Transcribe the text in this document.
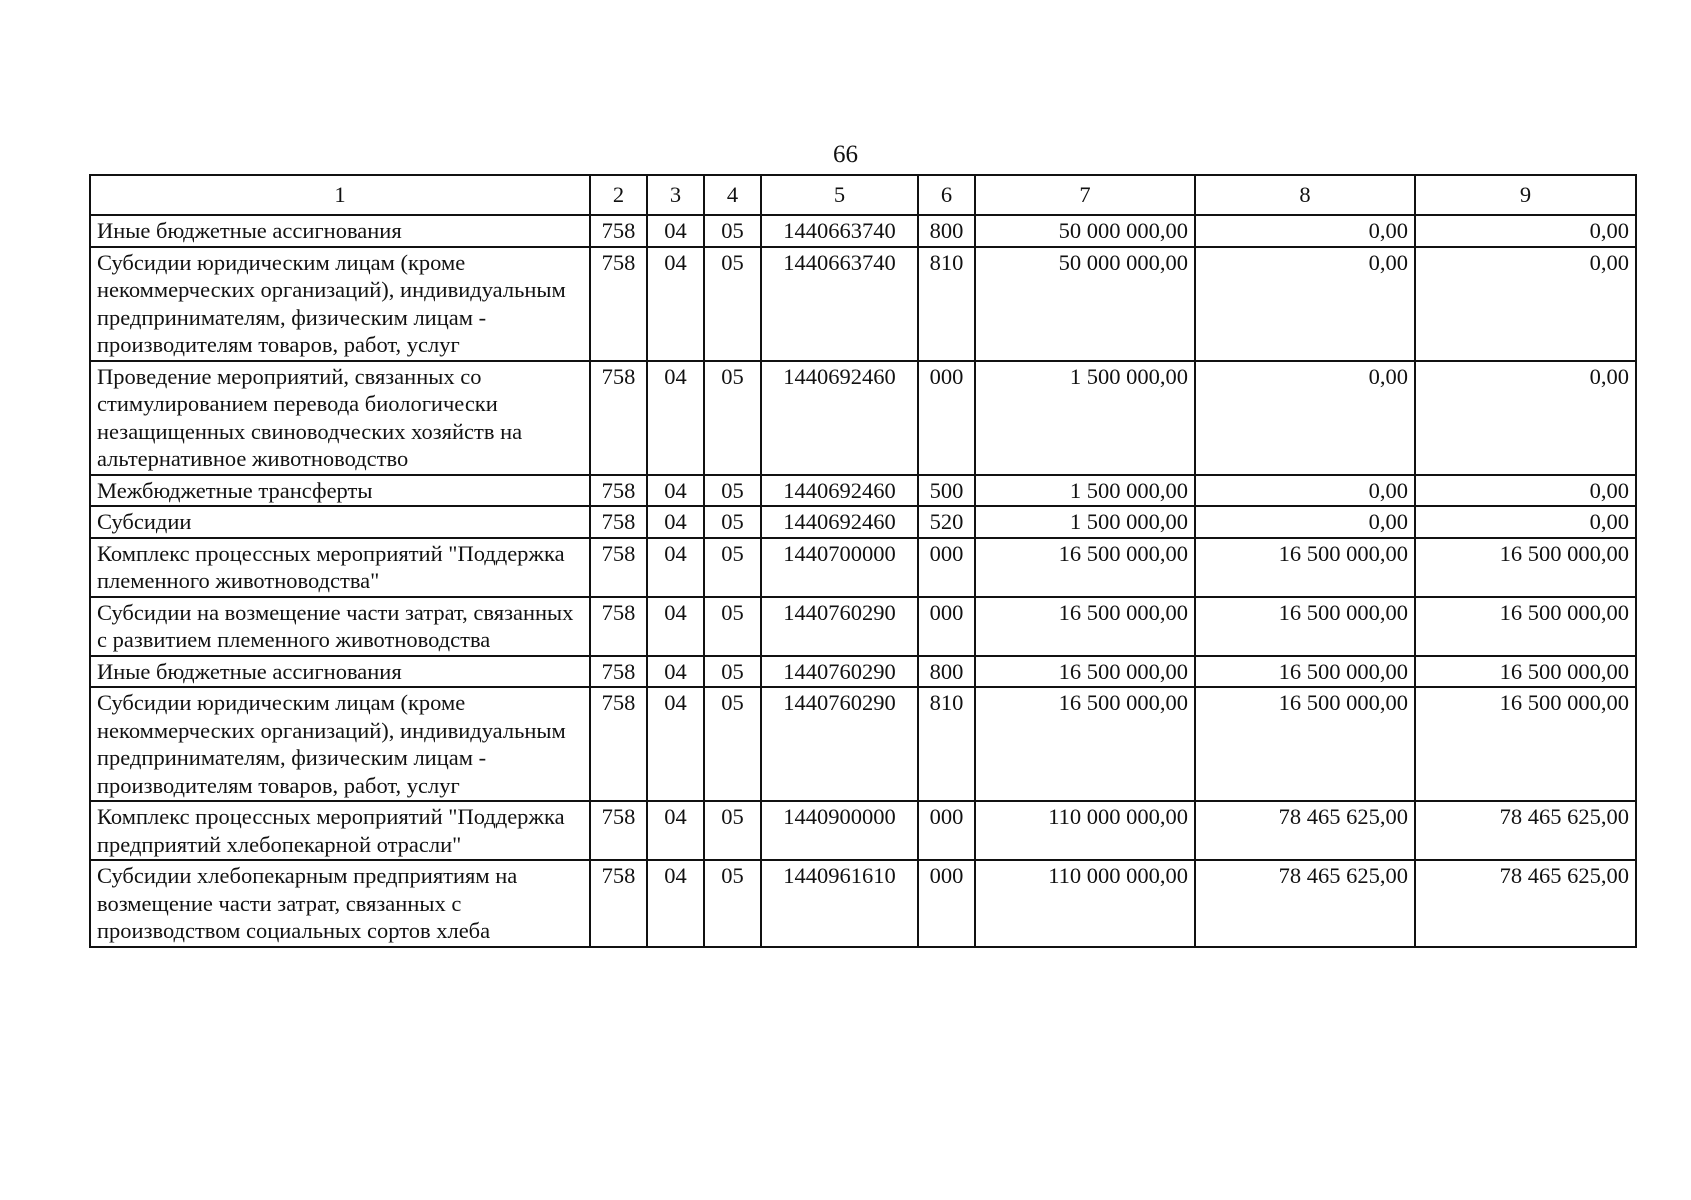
66
1	2	3	4	5	6	7	8	9
Иные бюджетные ассигнования	758	04	05	1440663740	800	50 000 000,00	0,00	0,00
Субсидии юридическим лицам (кроме некоммерческих организаций), индивидуальным предпринимателям, физическим лицам - производителям товаров, работ, услуг	758	04	05	1440663740	810	50 000 000,00	0,00	0,00
Проведение мероприятий, связанных со стимулированием перевода биологически незащищенных свиноводческих хозяйств на альтернативное животноводство	758	04	05	1440692460	000	1 500 000,00	0,00	0,00
Межбюджетные трансферты	758	04	05	1440692460	500	1 500 000,00	0,00	0,00
Субсидии	758	04	05	1440692460	520	1 500 000,00	0,00	0,00
Комплекс процессных мероприятий "Поддержка племенного животноводства"	758	04	05	1440700000	000	16 500 000,00	16 500 000,00	16 500 000,00
Субсидии на возмещение части затрат, связанных с развитием племенного животноводства	758	04	05	1440760290	000	16 500 000,00	16 500 000,00	16 500 000,00
Иные бюджетные ассигнования	758	04	05	1440760290	800	16 500 000,00	16 500 000,00	16 500 000,00
Субсидии юридическим лицам (кроме некоммерческих организаций), индивидуальным предпринимателям, физическим лицам - производителям товаров, работ, услуг	758	04	05	1440760290	810	16 500 000,00	16 500 000,00	16 500 000,00
Комплекс процессных мероприятий "Поддержка предприятий хлебопекарной отрасли"	758	04	05	1440900000	000	110 000 000,00	78 465 625,00	78 465 625,00
Субсидии хлебопекарным предприятиям на возмещение части затрат, связанных с производством социальных сортов хлеба	758	04	05	1440961610	000	110 000 000,00	78 465 625,00	78 465 625,00
